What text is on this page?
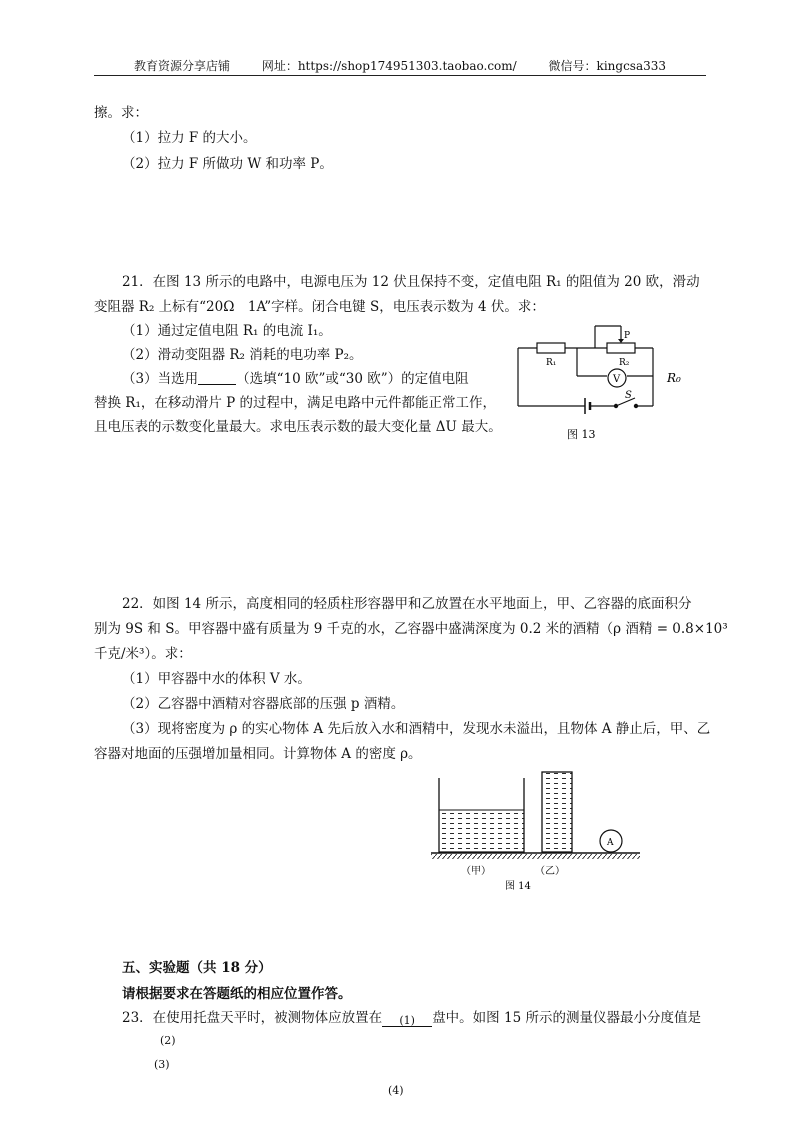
教育资源分享店铺	网址：https://shop174951303.taobao.com/	微信号：kingcsa333
擦。求：
（1）拉力 F 的大小。
（2）拉力 F 所做功 W 和功率 P。
21．在图 13 所示的电路中，电源电压为 12 伏且保持不变，定值电阻 R₁ 的阻值为 20 欧，滑动
变阻器 R₂ 上标有“20Ω　1A”字样。闭合电键 S，电压表示数为 4 伏。求：
（1）通过定值电阻 R₁ 的电流 I₁。
（2）滑动变阻器 R₂ 消耗的电功率 P₂。
（3）当选用	（选填“10 欧”或“30 欧”）的定值电阻
替换 R₁，在移动滑片 P 的过程中，满足电路中元件都能正常工作，
且电压表的示数变化量最大。求电压表示数的最大变化量 ΔU 最大。
R₁	R₂
P
V
S
R₀
图 13
22．如图 14 所示，高度相同的轻质柱形容器甲和乙放置在水平地面上，甲、乙容器的底面积分
别为 9S 和 S。甲容器中盛有质量为 9 千克的水，乙容器中盛满深度为 0.2 米的酒精（ρ 酒精 = 0.8×10³
千克/米³）。求：
（1）甲容器中水的体积 V 水。
（2）乙容器中酒精对容器底部的压强 p 酒精。
（3）现将密度为 ρ 的实心物体 A 先后放入水和酒精中，发现水未溢出，且物体 A 静止后，甲、乙
容器对地面的压强增加量相同。计算物体 A 的密度 ρ。
A
（甲）	（乙）
图 14
五、实验题（共 18 分）
请根据要求在答题纸的相应位置作答。
23．在使用托盘天平时，被测物体应放置在 (1) 盘中。如图 15 所示的测量仪器最小分度值是
(2)
(3)
(4)
